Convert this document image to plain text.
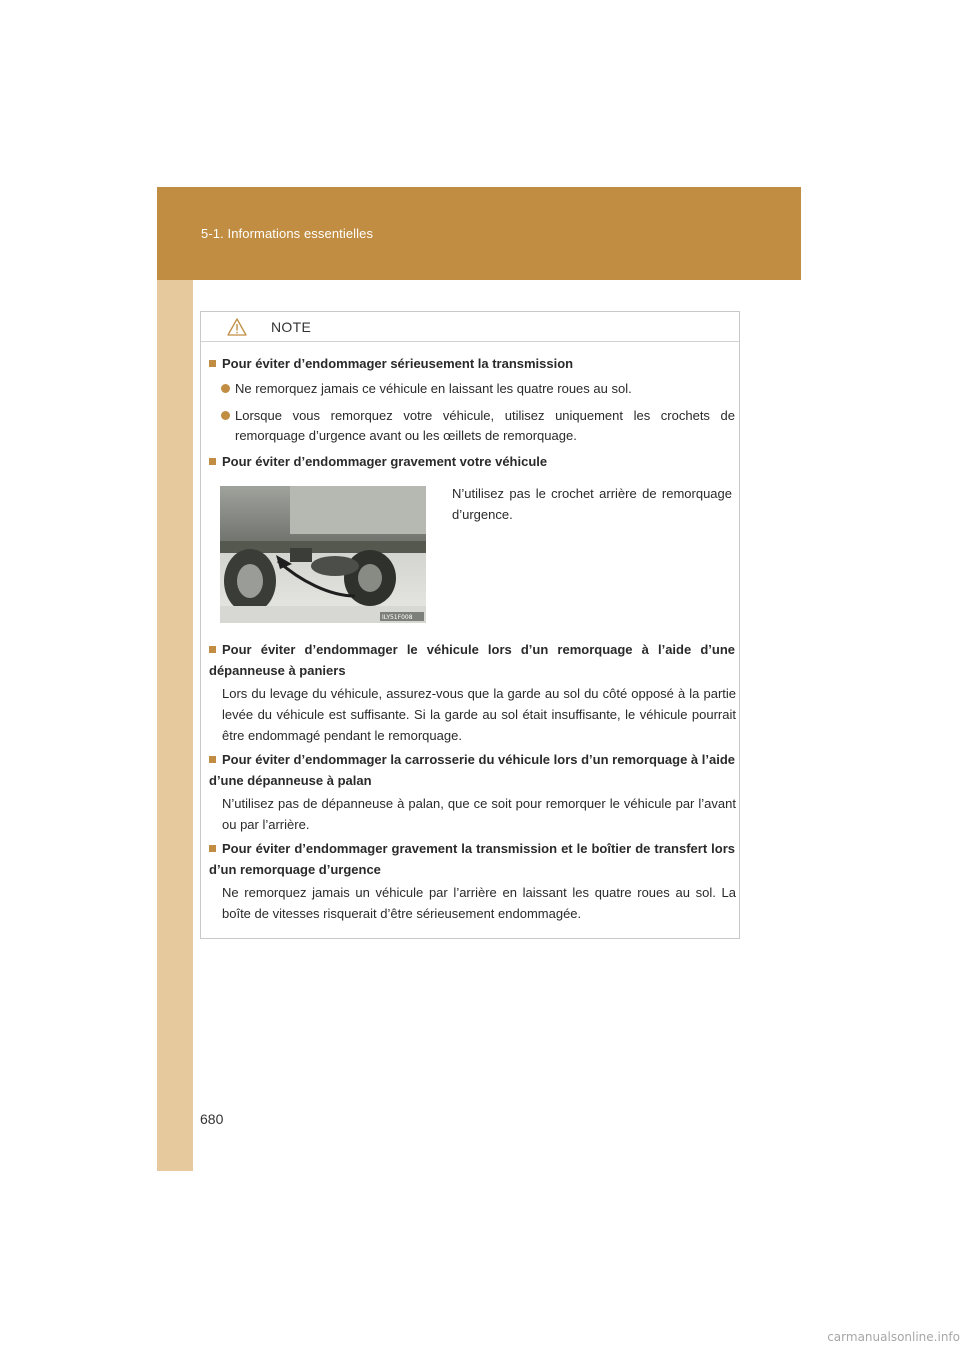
5-1. Informations essentielles
NOTE
Pour éviter d’endommager sérieusement la transmission
Ne remorquez jamais ce véhicule en laissant les quatre roues au sol.
Lorsque vous remorquez votre véhicule, utilisez uniquement les crochets de remorquage d’urgence avant ou les œillets de remorquage.
Pour éviter d’endommager gravement votre véhicule
ILY51F008
N’utilisez pas le crochet arrière de remorquage d’urgence.
Pour éviter d’endommager le véhicule lors d’un remorquage à l’aide d’une dépanneuse à paniers
Lors du levage du véhicule, assurez-vous que la garde au sol du côté opposé à la partie levée du véhicule est suffisante. Si la garde au sol était insuffisante, le véhicule pourrait être endommagé pendant le remorquage.
Pour éviter d’endommager la carrosserie du véhicule lors d’un remorquage à l’aide d’une dépanneuse à palan
N’utilisez pas de dépanneuse à palan, que ce soit pour remorquer le véhicule par l’avant ou par l’arrière.
Pour éviter d’endommager gravement la transmission et le boîtier de transfert lors d’un remorquage d’urgence
Ne remorquez jamais un véhicule par l’arrière en laissant les quatre roues au sol. La boîte de vitesses risquerait d’être sérieusement endommagée.
680
carmanualsonline.info
